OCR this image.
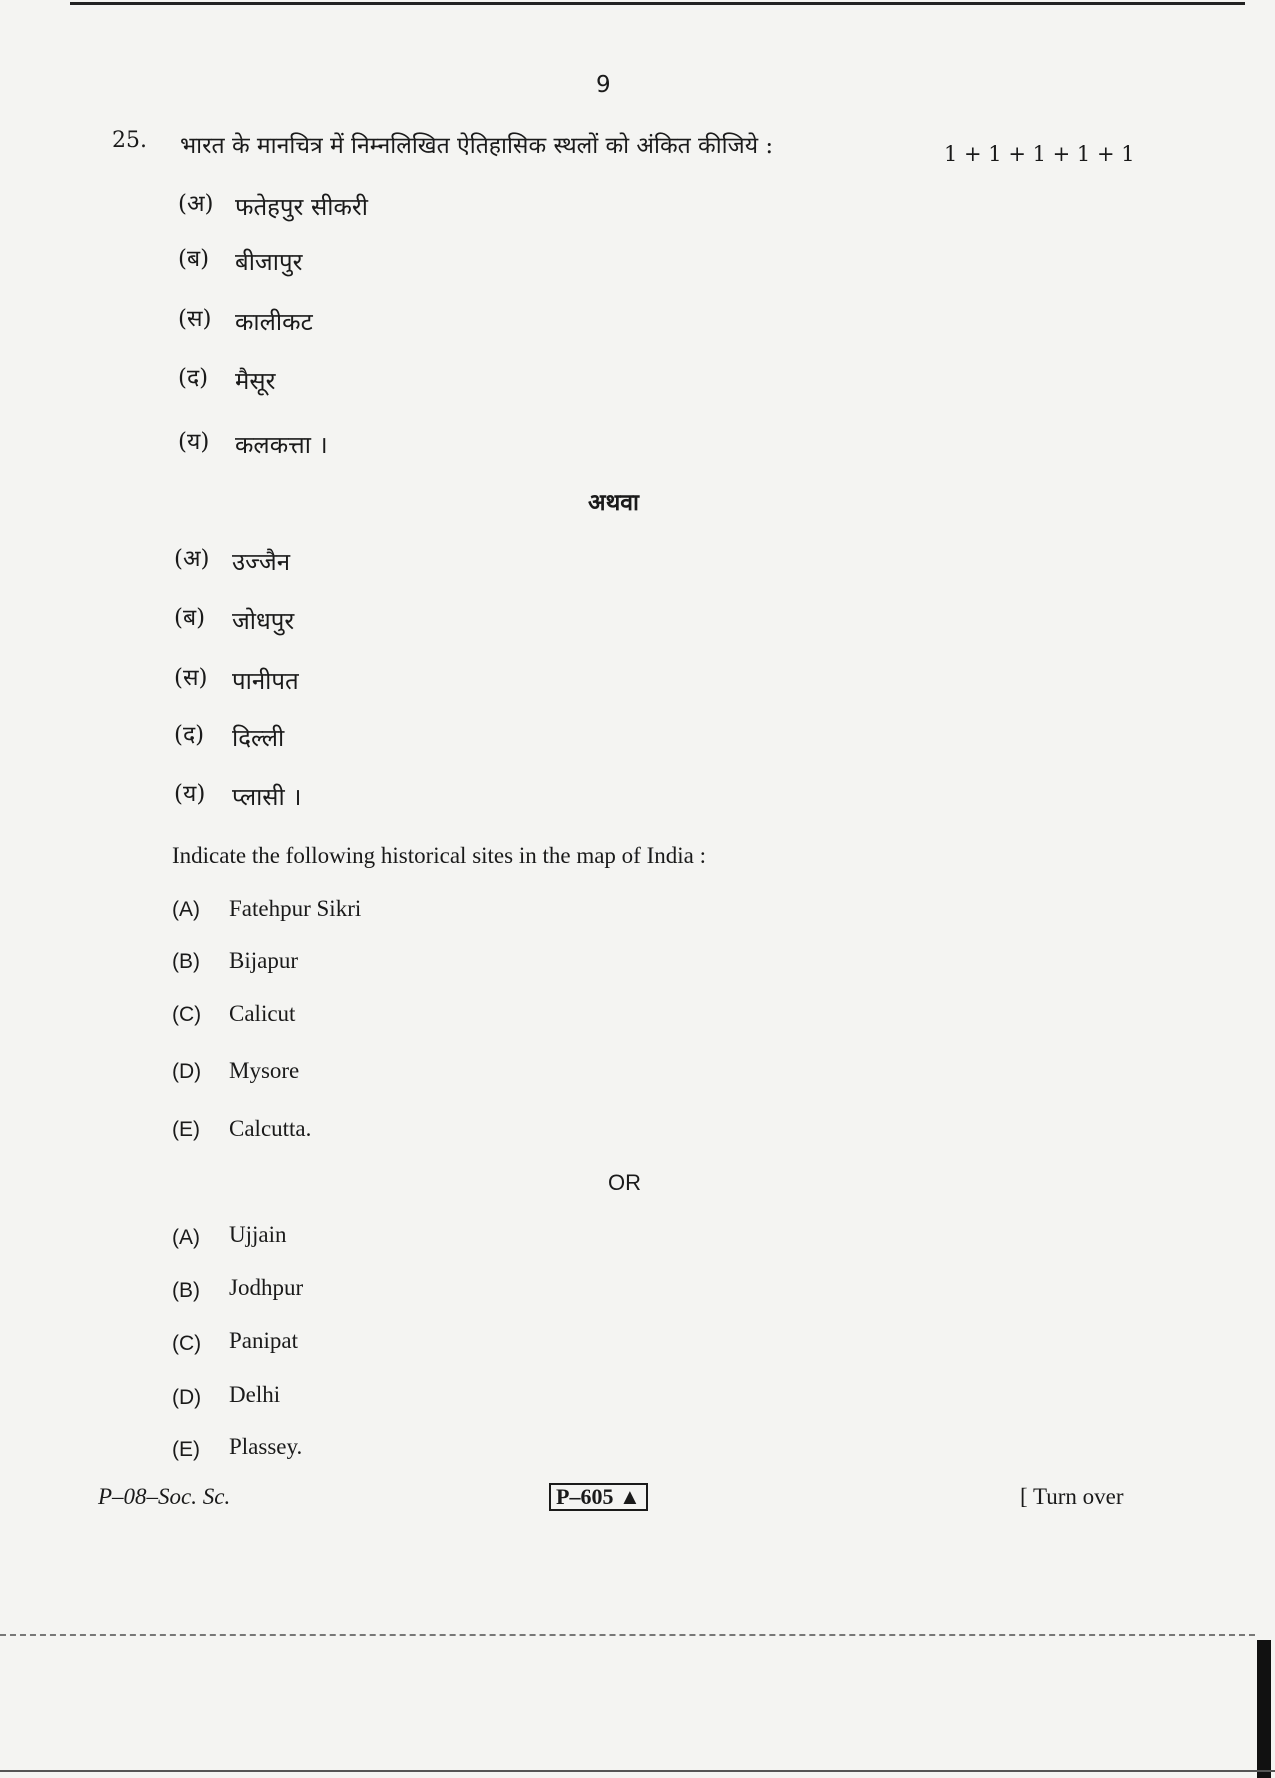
9
25. भारत के मानचित्र में निम्नलिखित ऐतिहासिक स्थलों को अंकित कीजिये :	1 + 1 + 1 + 1 + 1
(अ) फतेहपुर सीकरी
(ब) बीजापुर
(स) कालीकट
(द) मैसूर
(य) कलकत्ता ।
अथवा
(अ) उज्जैन
(ब) जोधपुर
(स) पानीपत
(द) दिल्ली
(य) प्लासी ।
Indicate the following historical sites in the map of India :
(A) Fatehpur Sikri
(B) Bijapur
(C) Calicut
(D) Mysore
(E) Calcutta.
OR
(A) Ujjain
(B) Jodhpur
(C) Panipat
(D) Delhi
(E) Plassey.
P–08–Soc. Sc.	P–605 ▲	[ Turn over
